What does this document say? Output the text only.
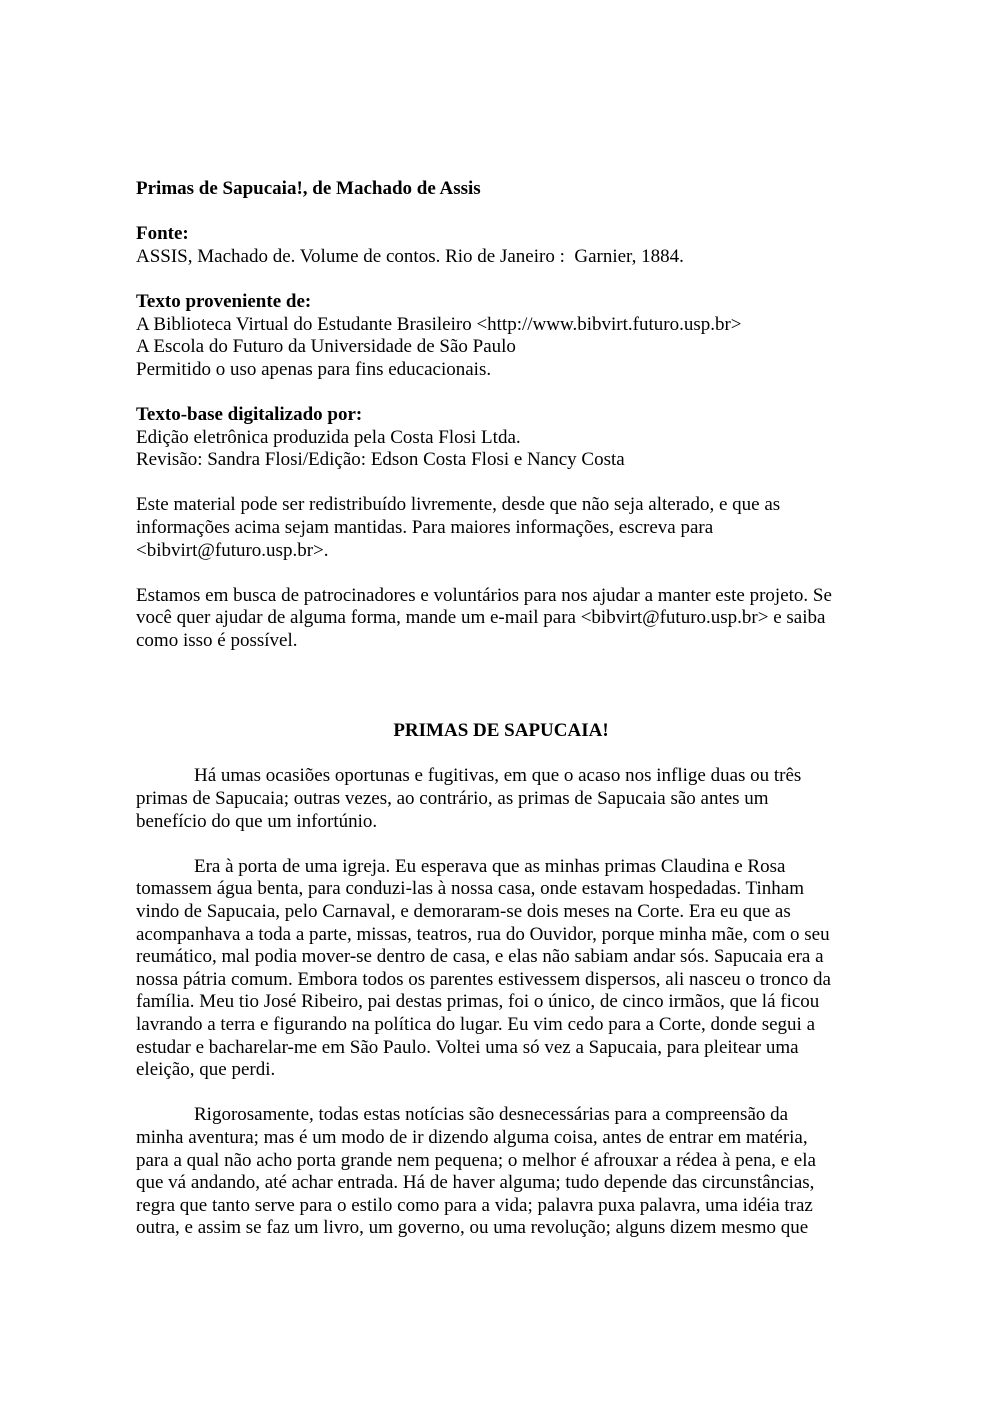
Primas de Sapucaia!, de Machado de Assis
Fonte:
ASSIS, Machado de. Volume de contos. Rio de Janeiro :  Garnier, 1884.
Texto proveniente de:
A Biblioteca Virtual do Estudante Brasileiro <http://www.bibvirt.futuro.usp.br>
A Escola do Futuro da Universidade de São Paulo
Permitido o uso apenas para fins educacionais.
Texto-base digitalizado por:
Edição eletrônica produzida pela Costa Flosi Ltda.
Revisão: Sandra Flosi/Edição: Edson Costa Flosi e Nancy Costa
Este material pode ser redistribuído livremente, desde que não seja alterado, e que as
informações acima sejam mantidas. Para maiores informações, escreva para
<bibvirt@futuro.usp.br>.
Estamos em busca de patrocinadores e voluntários para nos ajudar a manter este projeto. Se
você quer ajudar de alguma forma, mande um e-mail para <bibvirt@futuro.usp.br> e saiba
como isso é possível.
PRIMAS DE SAPUCAIA!
Há umas ocasiões oportunas e fugitivas, em que o acaso nos inflige duas ou três
primas de Sapucaia; outras vezes, ao contrário, as primas de Sapucaia são antes um
benefício do que um infortúnio.
Era à porta de uma igreja. Eu esperava que as minhas primas Claudina e Rosa
tomassem água benta, para conduzi-las à nossa casa, onde estavam hospedadas. Tinham
vindo de Sapucaia, pelo Carnaval, e demoraram-se dois meses na Corte. Era eu que as
acompanhava a toda a parte, missas, teatros, rua do Ouvidor, porque minha mãe, com o seu
reumático, mal podia mover-se dentro de casa, e elas não sabiam andar sós. Sapucaia era a
nossa pátria comum. Embora todos os parentes estivessem dispersos, ali nasceu o tronco da
família. Meu tio José Ribeiro, pai destas primas, foi o único, de cinco irmãos, que lá ficou
lavrando a terra e figurando na política do lugar. Eu vim cedo para a Corte, donde segui a
estudar e bacharelar-me em São Paulo. Voltei uma só vez a Sapucaia, para pleitear uma
eleição, que perdi.
Rigorosamente, todas estas notícias são desnecessárias para a compreensão da
minha aventura; mas é um modo de ir dizendo alguma coisa, antes de entrar em matéria,
para a qual não acho porta grande nem pequena; o melhor é afrouxar a rédea à pena, e ela
que vá andando, até achar entrada. Há de haver alguma; tudo depende das circunstâncias,
regra que tanto serve para o estilo como para a vida; palavra puxa palavra, uma idéia traz
outra, e assim se faz um livro, um governo, ou uma revolução; alguns dizem mesmo que
